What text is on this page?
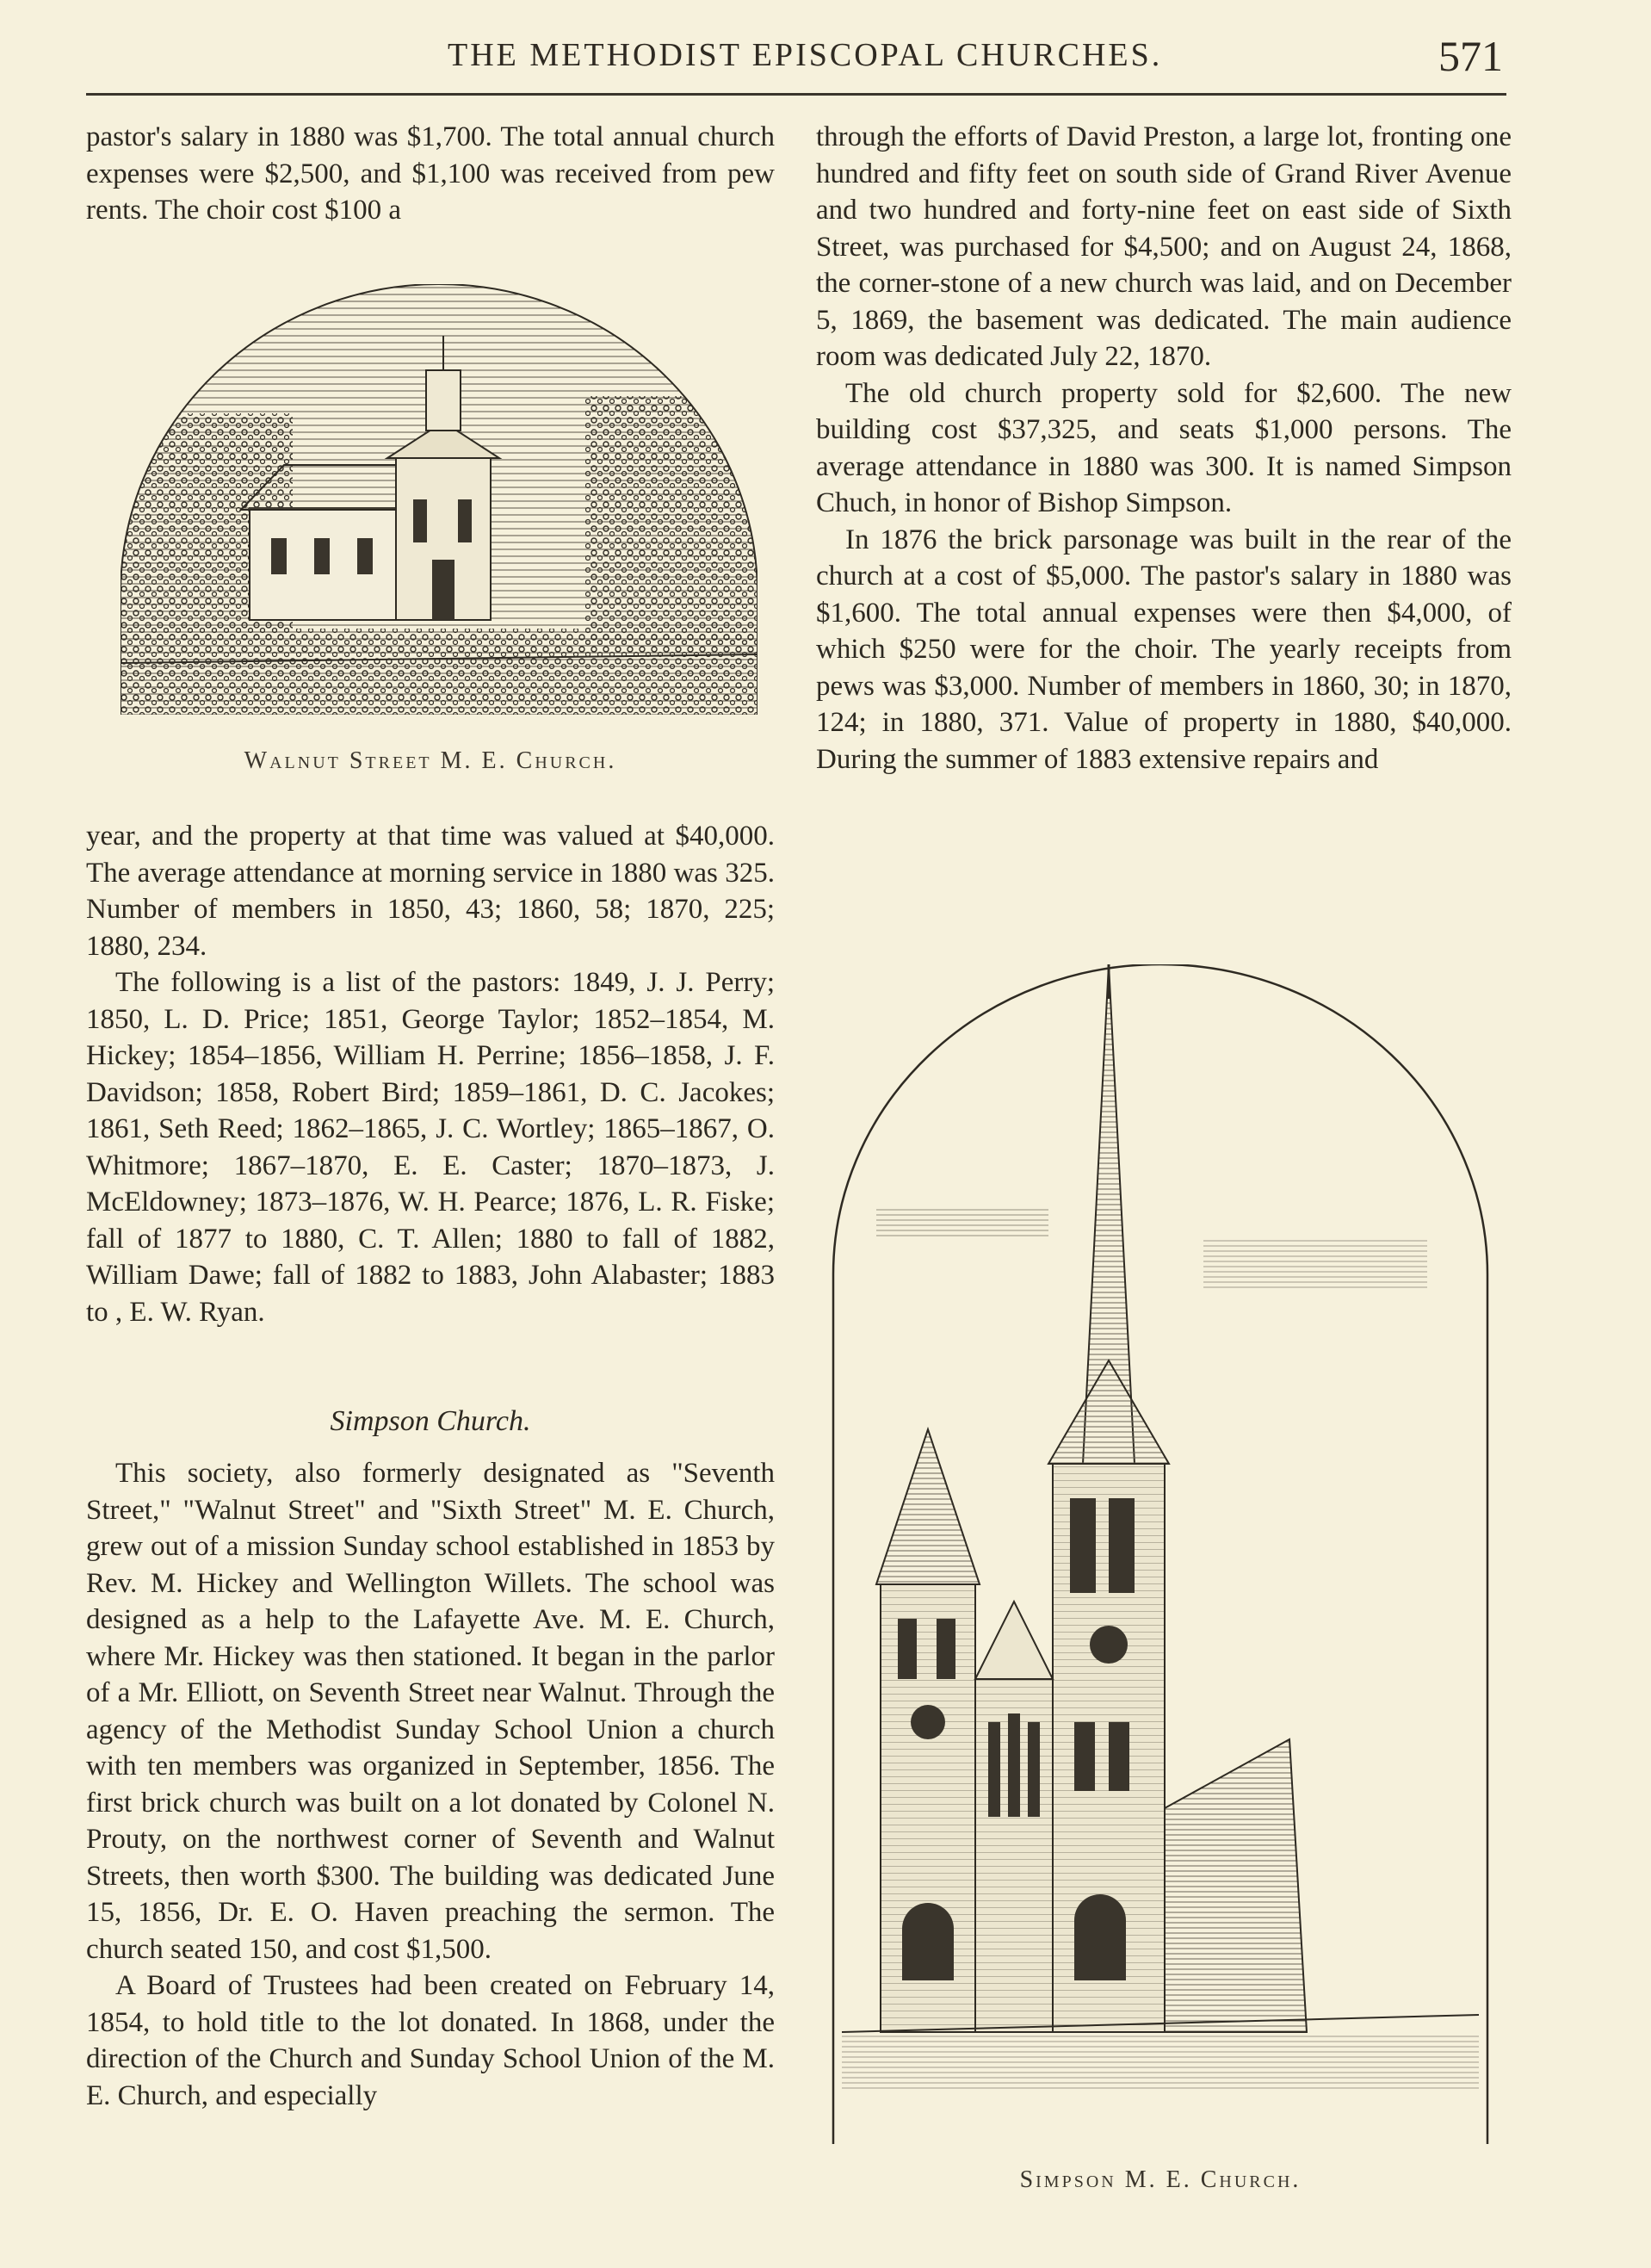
THE METHODIST EPISCOPAL CHURCHES.	571

pastor's salary in 1880 was $1,700. The total annual church expenses were $2,500, and $1,100 was received from pew rents. The choir cost $100 a

Walnut Street M. E. Church.

year, and the property at that time was valued at $40,000. The average attendance at morning service in 1880 was 325. Number of members in 1850, 43; 1860, 58; 1870, 225; 1880, 234.

The following is a list of the pastors: 1849, J. J. Perry; 1850, L. D. Price; 1851, George Taylor; 1852–1854, M. Hickey; 1854–1856, William H. Perrine; 1856–1858, J. F. Davidson; 1858, Robert Bird; 1859–1861, D. C. Jacokes; 1861, Seth Reed; 1862–1865, J. C. Wortley; 1865–1867, O. Whitmore; 1867–1870, E. E. Caster; 1870–1873, J. McEldowney; 1873–1876, W. H. Pearce; 1876, L. R. Fiske; fall of 1877 to 1880, C. T. Allen; 1880 to fall of 1882, William Dawe; fall of 1882 to 1883, John Alabaster; 1883 to , E. W. Ryan.

Simpson Church.

This society, also formerly designated as "Seventh Street," "Walnut Street" and "Sixth Street" M. E. Church, grew out of a mission Sunday school established in 1853 by Rev. M. Hickey and Wellington Willets. The school was designed as a help to the Lafayette Ave. M. E. Church, where Mr. Hickey was then stationed. It began in the parlor of a Mr. Elliott, on Seventh Street near Walnut. Through the agency of the Methodist Sunday School Union a church with ten members was organized in September, 1856. The first brick church was built on a lot donated by Colonel N. Prouty, on the northwest corner of Seventh and Walnut Streets, then worth $300. The building was dedicated June 15, 1856, Dr. E. O. Haven preaching the sermon. The church seated 150, and cost $1,500.

A Board of Trustees had been created on February 14, 1854, to hold title to the lot donated. In 1868, under the direction of the Church and Sunday School Union of the M. E. Church, and especially

through the efforts of David Preston, a large lot, fronting one hundred and fifty feet on south side of Grand River Avenue and two hundred and forty-nine feet on east side of Sixth Street, was purchased for $4,500; and on August 24, 1868, the corner-stone of a new church was laid, and on December 5, 1869, the basement was dedicated. The main audience room was dedicated July 22, 1870.

The old church property sold for $2,600. The new building cost $37,325, and seats $1,000 persons. The average attendance in 1880 was 300. It is named Simpson Chuch, in honor of Bishop Simpson.

In 1876 the brick parsonage was built in the rear of the church at a cost of $5,000. The pastor's salary in 1880 was $1,600. The total annual expenses were then $4,000, of which $250 were for the choir. The yearly receipts from pews was $3,000. Number of members in 1860, 30; in 1870, 124; in 1880, 371. Value of property in 1880, $40,000. During the summer of 1883 extensive repairs and

Simpson M. E. Church.
